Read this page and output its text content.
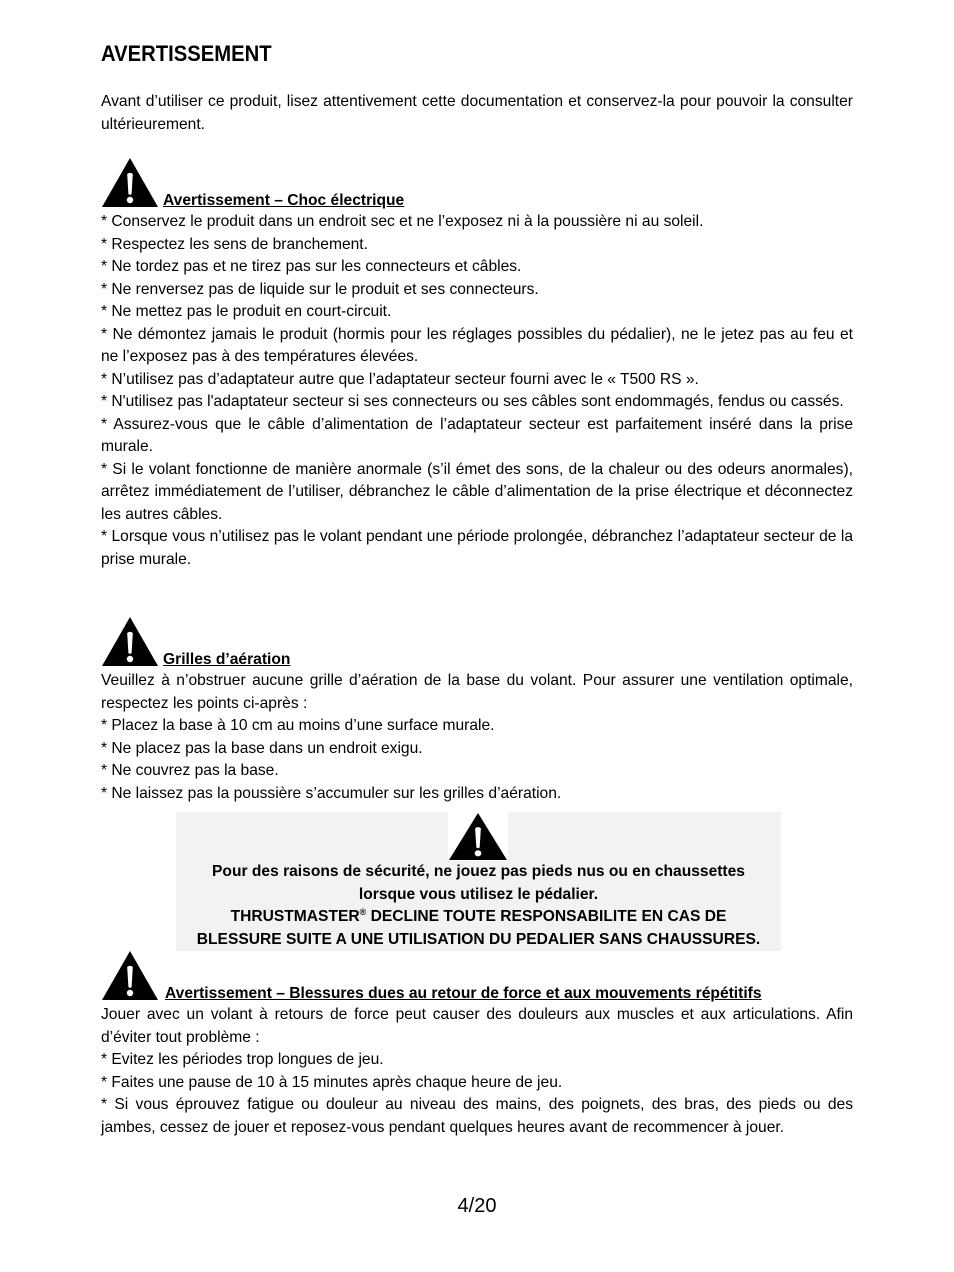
AVERTISSEMENT

Avant d’utiliser ce produit, lisez attentivement cette documentation et conservez-la pour pouvoir la consulter ultérieurement.

Avertissement – Choc électrique

* Conservez le produit dans un endroit sec et ne l’exposez ni à la poussière ni au soleil.

* Respectez les sens de branchement.

* Ne tordez pas et ne tirez pas sur les connecteurs et câbles.

* Ne renversez pas de liquide sur le produit et ses connecteurs.

* Ne mettez pas le produit en court-circuit.

* Ne démontez jamais le produit (hormis pour les réglages possibles du pédalier), ne le jetez pas au feu et ne l’exposez pas à des températures élevées.

* N’utilisez pas d’adaptateur autre que l’adaptateur secteur fourni avec le « T500 RS ».

* N'utilisez pas l'adaptateur secteur si ses connecteurs ou ses câbles sont endommagés, fendus ou cassés.

* Assurez-vous que le câble d’alimentation de l’adaptateur secteur est parfaitement inséré dans la prise murale.

* Si le volant fonctionne de manière anormale (s’il émet des sons, de la chaleur ou des odeurs anormales), arrêtez immédiatement de l’utiliser, débranchez le câble d’alimentation de la prise électrique et déconnectez les autres câbles.

* Lorsque vous n’utilisez pas le volant pendant une période prolongée, débranchez l’adaptateur secteur de la prise murale.

Grilles d’aération

Veuillez à n’obstruer aucune grille d’aération de la base du volant. Pour assurer une ventilation optimale, respectez les points ci-après :

* Placez la base à 10 cm au moins d’une surface murale.

* Ne placez pas la base dans un endroit exigu.

* Ne couvrez pas la base.

* Ne laissez pas la poussière s’accumuler sur les grilles d’aération.

Pour des raisons de sécurité, ne jouez pas pieds nus ou en chaussettes

lorsque vous utilisez le pédalier.

THRUSTMASTER® DECLINE TOUTE RESPONSABILITE EN CAS DE

BLESSURE SUITE A UNE UTILISATION DU PEDALIER SANS CHAUSSURES.

Avertissement – Blessures dues au retour de force et aux mouvements répétitifs

Jouer avec un volant à retours de force peut causer des douleurs aux muscles et aux articulations. Afin d’éviter tout problème :

* Evitez les périodes trop longues de jeu.

* Faites une pause de 10 à 15 minutes après chaque heure de jeu.

* Si vous éprouvez fatigue ou douleur au niveau des mains, des poignets, des bras, des pieds ou des jambes, cessez de jouer et reposez-vous pendant quelques heures avant de recommencer à jouer.

4/20
